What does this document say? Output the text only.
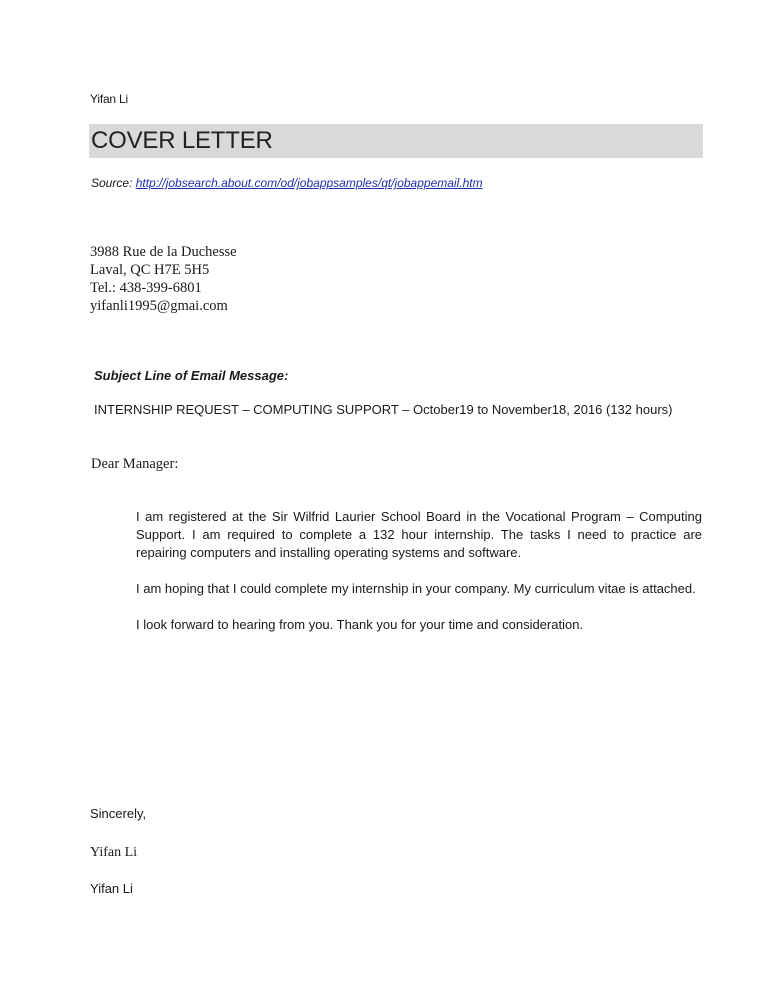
Yifan Li
COVER LETTER
Source: http://jobsearch.about.com/od/jobappsamples/qt/jobappemail.htm
3988 Rue de la Duchesse
Laval, QC H7E 5H5
Tel.: 438-399-6801
yifanli1995@gmai.com
Subject Line of Email Message:
INTERNSHIP REQUEST – COMPUTING SUPPORT – October19 to November18, 2016 (132 hours)
Dear Manager:

I am registered at the Sir Wilfrid Laurier School Board in the Vocational Program – Computing Support. I am required to complete a 132 hour internship. The tasks I need to practice are repairing computers and installing operating systems and software.

I am hoping that I could complete my internship in your company. My curriculum vitae is attached.

I look forward to hearing from you. Thank you for your time and consideration.

Sincerely,
Yifan Li
Yifan Li
